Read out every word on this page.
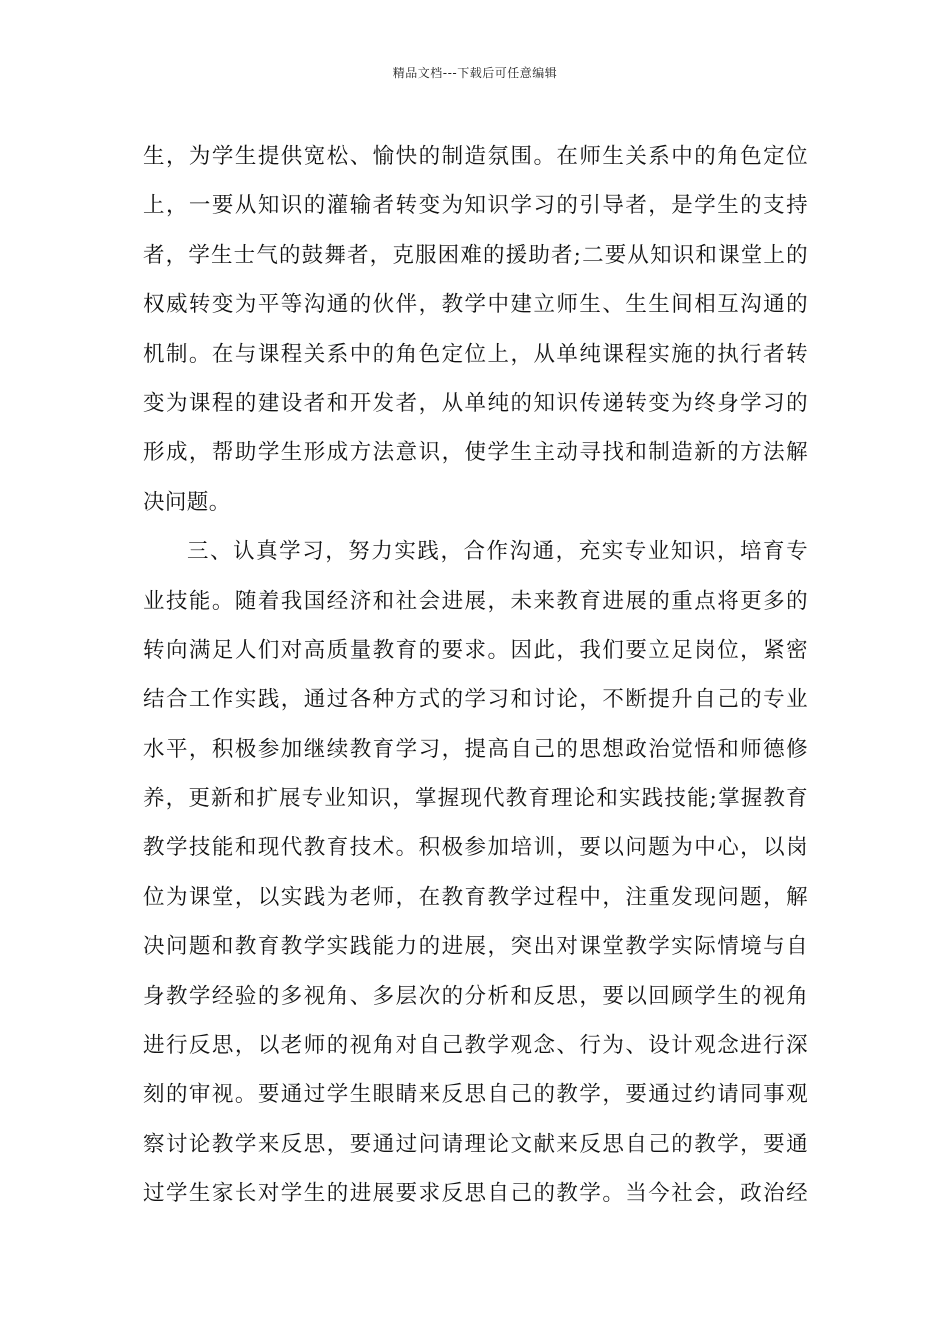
精品文档---下载后可任意编辑
生，为学生提供宽松、愉快的制造氛围。在师生关系中的角色定位
上，一要从知识的灌输者转变为知识学习的引导者，是学生的支持
者，学生士气的鼓舞者，克服困难的援助者;二要从知识和课堂上的
权威转变为平等沟通的伙伴，教学中建立师生、生生间相互沟通的
机制。在与课程关系中的角色定位上，从单纯课程实施的执行者转
变为课程的建设者和开发者，从单纯的知识传递转变为终身学习的
形成，帮助学生形成方法意识，使学生主动寻找和制造新的方法解
决问题。
三、认真学习，努力实践，合作沟通，充实专业知识，培育专
业技能。随着我国经济和社会进展，未来教育进展的重点将更多的
转向满足人们对高质量教育的要求。因此，我们要立足岗位，紧密
结合工作实践，通过各种方式的学习和讨论，不断提升自己的专业
水平，积极参加继续教育学习，提高自己的思想政治觉悟和师德修
养，更新和扩展专业知识，掌握现代教育理论和实践技能;掌握教育
教学技能和现代教育技术。积极参加培训，要以问题为中心，以岗
位为课堂，以实践为老师，在教育教学过程中，注重发现问题，解
决问题和教育教学实践能力的进展，突出对课堂教学实际情境与自
身教学经验的多视角、多层次的分析和反思，要以回顾学生的视角
进行反思，以老师的视角对自己教学观念、行为、设计观念进行深
刻的审视。要通过学生眼睛来反思自己的教学，要通过约请同事观
察讨论教学来反思，要通过问请理论文献来反思自己的教学，要通
过学生家长对学生的进展要求反思自己的教学。当今社会，政治经
